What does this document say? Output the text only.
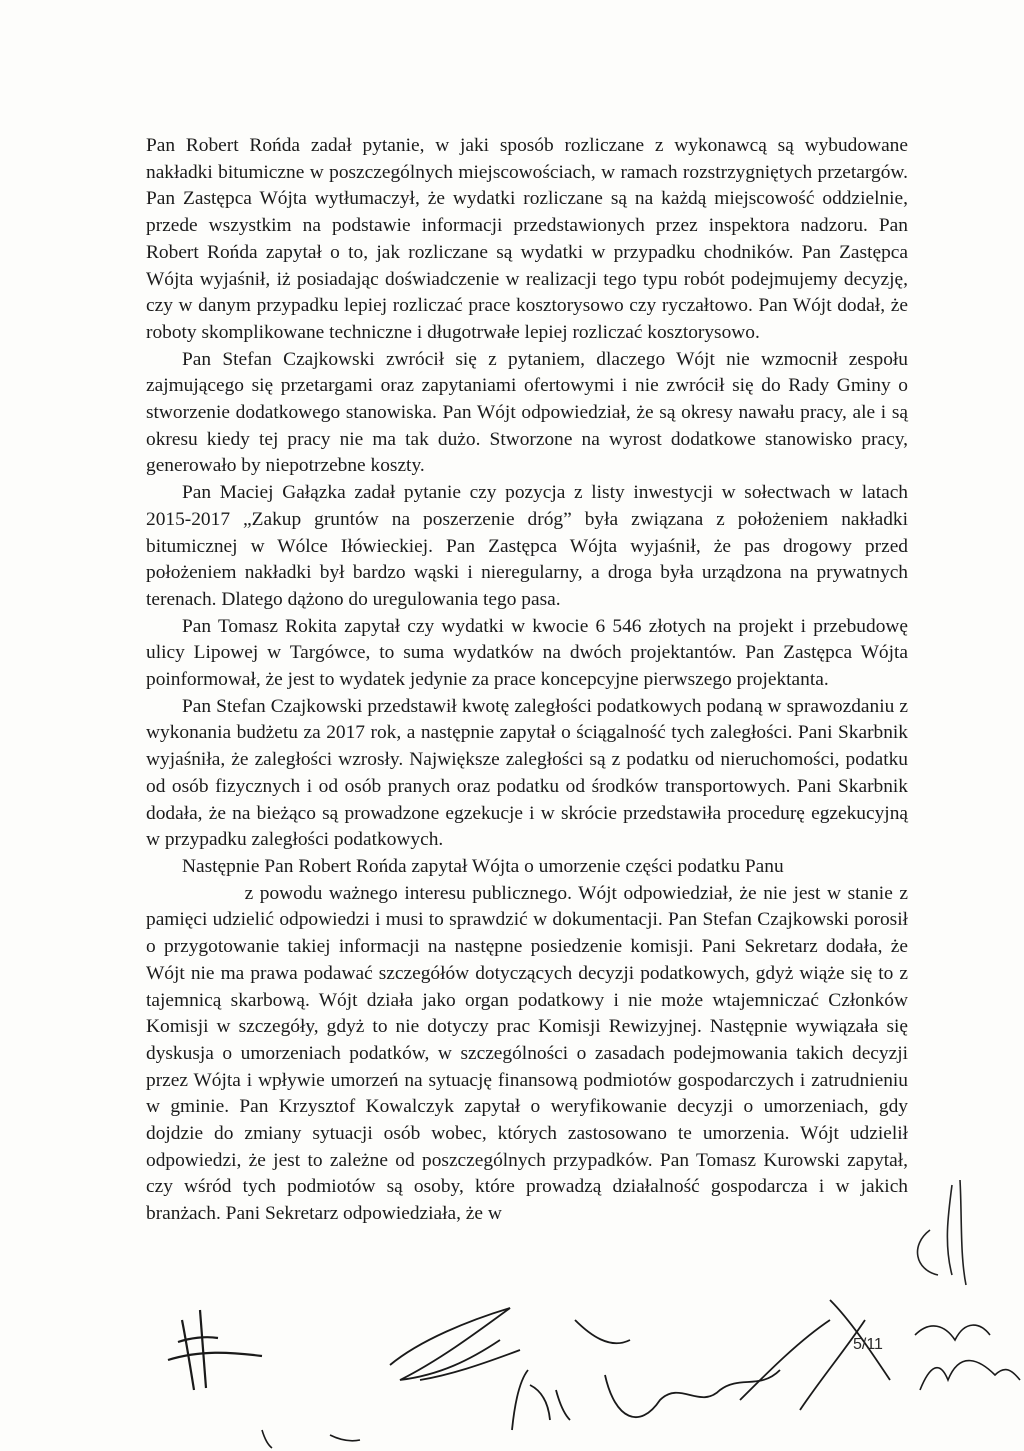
Pan Robert Rońda zadał pytanie, w jaki sposób rozliczane z wykonawcą są wybudowane nakładki bitumiczne w poszczególnych miejscowościach, w ramach rozstrzygniętych przetargów. Pan Zastępca Wójta wytłumaczył, że wydatki rozliczane są na każdą miejscowość oddzielnie, przede wszystkim na podstawie informacji przedstawionych przez inspektora nadzoru. Pan Robert Rońda zapytał o to, jak rozliczane są wydatki w przypadku chodników. Pan Zastępca Wójta wyjaśnił, iż posiadając doświadczenie w realizacji tego typu robót podejmujemy decyzję, czy w danym przypadku lepiej rozliczać prace kosztorysowo czy ryczałtowo. Pan Wójt dodał, że roboty skomplikowane techniczne i długotrwałe lepiej rozliczać kosztorysowo.

Pan Stefan Czajkowski zwrócił się z pytaniem, dlaczego Wójt nie wzmocnił zespołu zajmującego się przetargami oraz zapytaniami ofertowymi i nie zwrócił się do Rady Gminy o stworzenie dodatkowego stanowiska. Pan Wójt odpowiedział, że są okresy nawału pracy, ale i są okresu kiedy tej pracy nie ma tak dużo. Stworzone na wyrost dodatkowe stanowisko pracy, generowało by niepotrzebne koszty.

Pan Maciej Gałązka zadał pytanie czy pozycja z listy inwestycji w sołectwach w latach 2015-2017 „Zakup gruntów na poszerzenie dróg” była związana z położeniem nakładki bitumicznej w Wólce Iłówieckiej. Pan Zastępca Wójta wyjaśnił, że pas drogowy przed położeniem nakładki był bardzo wąski i nieregularny, a droga była urządzona na prywatnych terenach. Dlatego dążono do uregulowania tego pasa.

Pan Tomasz Rokita zapytał czy wydatki w kwocie 6 546 złotych na projekt i przebudowę ulicy Lipowej w Targówce, to suma wydatków na dwóch projektantów. Pan Zastępca Wójta poinformował, że jest to wydatek jedynie za prace koncepcyjne pierwszego projektanta.

Pan Stefan Czajkowski przedstawił kwotę zaległości podatkowych podaną w sprawozdaniu z wykonania budżetu za 2017 rok, a następnie zapytał o ściągalność tych zaległości. Pani Skarbnik wyjaśniła, że zaległości wzrosły. Największe zaległości są z podatku od nieruchomości, podatku od osób fizycznych i od osób pranych oraz podatku od środków transportowych. Pani Skarbnik dodała, że na bieżąco są prowadzone egzekucje i w skrócie przedstawiła procedurę egzekucyjną w przypadku zaległości podatkowych.

Następnie Pan Robert Rońda zapytał Wójta o umorzenie części podatku Panu
z powodu ważnego interesu publicznego. Wójt odpowiedział, że nie jest w stanie z pamięci udzielić odpowiedzi i musi to sprawdzić w dokumentacji. Pan Stefan Czajkowski porosił o przygotowanie takiej informacji na następne posiedzenie komisji. Pani Sekretarz dodała, że Wójt nie ma prawa podawać szczegółów dotyczących decyzji podatkowych, gdyż wiąże się to z tajemnicą skarbową. Wójt działa jako organ podatkowy i nie może wtajemniczać Członków Komisji w szczegóły, gdyż to nie dotyczy prac Komisji Rewizyjnej. Następnie wywiązała się dyskusja o umorzeniach podatków, w szczególności o zasadach podejmowania takich decyzji przez Wójta i wpływie umorzeń na sytuację finansową podmiotów gospodarczych i zatrudnieniu w gminie. Pan Krzysztof Kowalczyk zapytał o weryfikowanie decyzji o umorzeniach, gdy dojdzie do zmiany sytuacji osób wobec, których zastosowano te umorzenia. Wójt udzielił odpowiedzi, że jest to zależne od poszczególnych przypadków. Pan Tomasz Kurowski zapytał, czy wśród tych podmiotów są osoby, które prowadzą działalność gospodarcza i w jakich branżach. Pani Sekretarz odpowiedziała, że w

5/11
